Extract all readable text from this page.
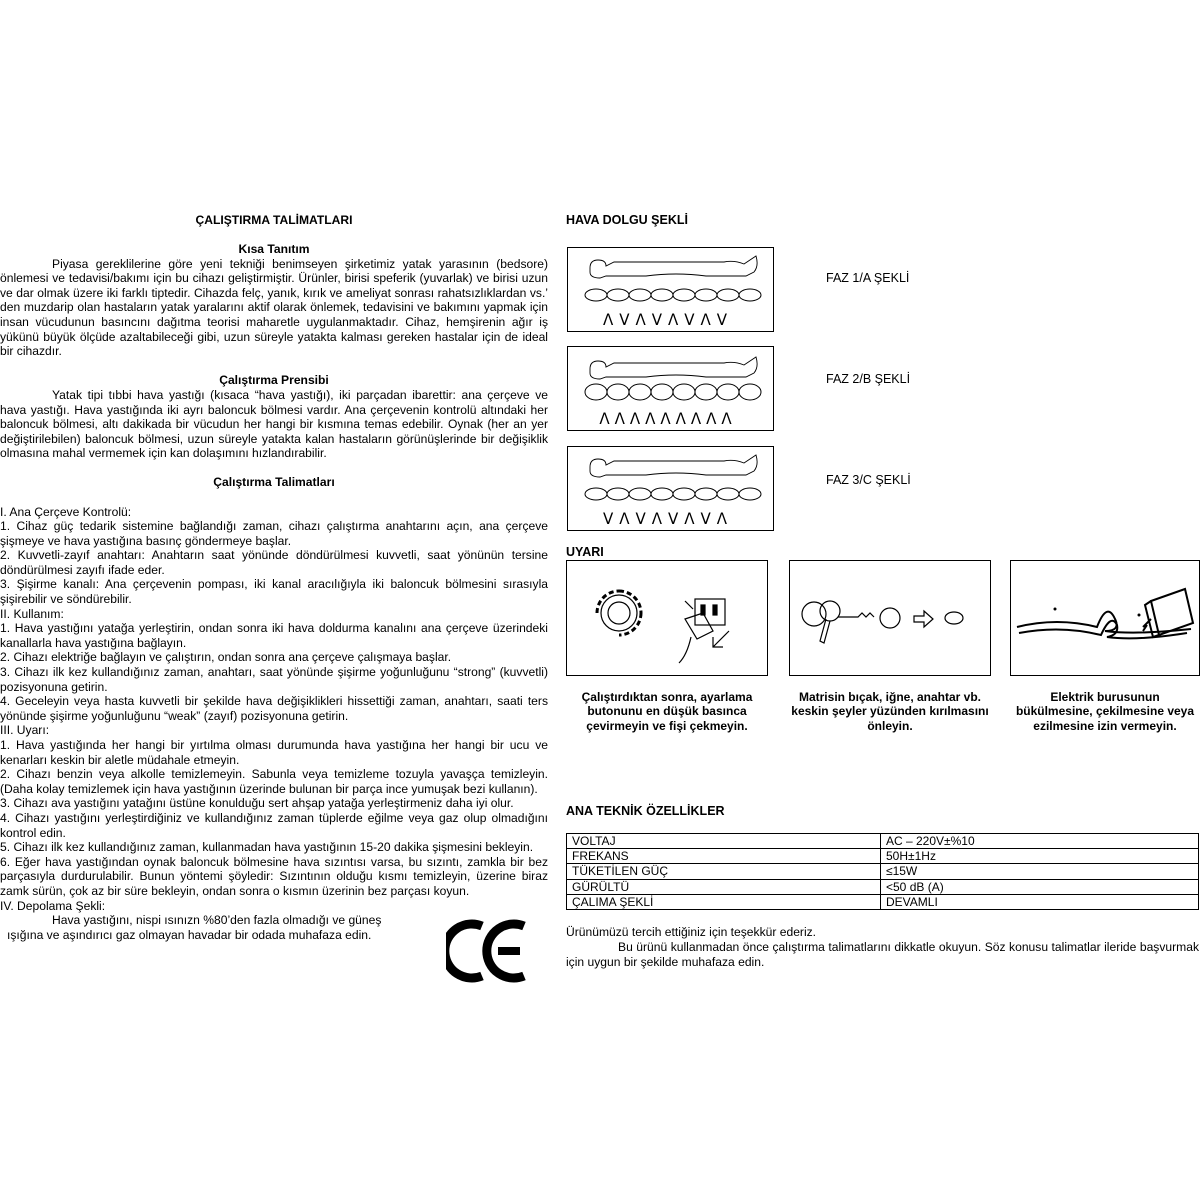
ÇALIŞTIRMA TALİMATLARI

Kısa Tanıtım

Piyasa gereklilerine göre yeni tekniği benimseyen şirketimiz yatak yarasının (bedsore) önlemesi ve tedavisi/bakımı için bu cihazı geliştirmiştir. Ürünler, birisi speferik (yuvarlak) ve birisi uzun ve dar olmak üzere iki farklı tiptedir. Cihazda felç, yanık, kırık ve ameliyat sonrası rahatsızlıklardan vs.’ den muzdarip olan hastaların yatak yaralarını aktif olarak önlemek, tedavisini ve bakımını yapmak için insan vücudunun basıncını dağıtma teorisi maharetle uygulanmaktadır. Cihaz, hemşirenin ağır iş yükünü büyük ölçüde azaltabileceği gibi, uzun süreyle yatakta kalması gereken hastalar için de ideal bir cihazdır.

Çalıştırma Prensibi

Yatak tipi tıbbi hava yastığı (kısaca “hava yastığı), iki parçadan ibarettir: ana çerçeve ve hava yastığı. Hava yastığında iki ayrı baloncuk bölmesi vardır. Ana çerçevenin kontrolü altındaki her baloncuk bölmesi, altı dakikada bir vücudun her hangi bir kısmına temas edebilir. Oynak (her an yer değiştirilebilen) baloncuk bölmesi, uzun süreyle yatakta kalan hastaların görünüşlerinde bir değişiklik olmasına mahal vermemek için kan dolaşımını hızlandırabilir.

Çalıştırma Talimatları

I. Ana Çerçeve Kontrolü:

1. Cihaz güç tedarik sistemine bağlandığı zaman, cihazı çalıştırma anahtarını açın, ana çerçeve şişmeye ve hava yastığına basınç göndermeye başlar.

2. Kuvvetli-zayıf anahtarı: Anahtarın saat yönünde döndürülmesi kuvvetli, saat yönünün tersine döndürülmesi zayıfı ifade eder.

3. Şişirme kanalı: Ana çerçevenin pompası, iki kanal aracılığıyla iki baloncuk bölmesini sırasıyla şişirebilir ve söndürebilir.

II. Kullanım:

1. Hava yastığını yatağa yerleştirin, ondan sonra iki hava doldurma kanalını ana çerçeve üzerindeki kanallarla hava yastığına bağlayın.

2. Cihazı elektriğe bağlayın ve çalıştırın, ondan sonra ana çerçeve çalışmaya başlar.

3. Cihazı ilk kez kullandığınız zaman, anahtarı, saat yönünde şişirme yoğunluğunu “strong” (kuvvetli) pozisyonuna getirin.

4. Geceleyin veya hasta kuvvetli bir şekilde hava değişiklikleri hissettiği zaman, anahtarı, saati ters yönünde şişirme yoğunluğunu “weak” (zayıf) pozisyonuna getirin.

III. Uyarı:

1. Hava yastığında her hangi bir yırtılma olması durumunda hava yastığına her hangi bir ucu ve kenarları keskin bir aletle müdahale etmeyin.

2. Cihazı benzin veya alkolle temizlemeyin. Sabunla veya temizleme tozuyla yavaşça temizleyin. (Daha kolay temizlemek için hava yastığının üzerinde bulunan bir parça ince yumuşak bezi kullanın).

3. Cihazı ava yastığını yatağını üstüne konulduğu sert ahşap yatağa yerleştirmeniz daha iyi olur.

4. Cihazı yastığını yerleştirdiğiniz ve kullandığınız zaman tüplerde eğilme veya gaz olup olmadığını kontrol edin.

5. Cihazı ilk kez kullandığınız zaman, kullanmadan hava yastığının 15-20 dakika şişmesini bekleyin.

6. Eğer hava yastığından oynak baloncuk bölmesine hava sızıntısı varsa, bu sızıntı, zamkla bir bez parçasıyla durdurulabilir. Bunun yöntemi şöyledir: Sızıntının olduğu kısmı temizleyin, üzerine biraz zamk sürün, çok az bir süre bekleyin, ondan sonra o kısmın üzerinin bez parçası koyun.

IV. Depolama Şekli:

Hava yastığını, nispi ısınızn %80’den fazla olmadığı ve güneş

ışığına ve aşındırıcı gaz olmayan havadar bir odada muhafaza edin.

HAVA DOLGU ŞEKLİ
ᐱᐯᐱᐯᐱᐯᐱᐯ
FAZ 1/A ŞEKLİ
ᐱᐱᐱᐱᐱᐱᐱᐱᐱ
FAZ 2/B ŞEKLİ
ᐯᐱᐯᐱᐯᐱᐯᐱ
FAZ 3/C ŞEKLİ
UYARI
Çalıştırdıktan sonra, ayarlama butonunu en düşük basınca çevirmeyin ve fişi çekmeyin.
Matrisin bıçak, iğne, anahtar vb. keskin şeyler yüzünden kırılmasını önleyin.
Elektrik burusunun bükülmesine, çekilmesine veya ezilmesine izin vermeyin.
ANA TEKNİK ÖZELLİKLER
VOLTAJ	AC – 220V±%10
FREKANS	50H±1Hz
TÜKETİLEN GÜÇ	≤15W
GÜRÜLTÜ	<50 dB (A)
ÇALIMA ŞEKLİ	DEVAMLI
Ürünümüzü tercih ettiğiniz için teşekkür ederiz.
Bu ürünü kullanmadan önce çalıştırma talimatlarını dikkatle okuyun. Söz konusu talimatlar ileride başvurmak için uygun bir şekilde muhafaza edin.
